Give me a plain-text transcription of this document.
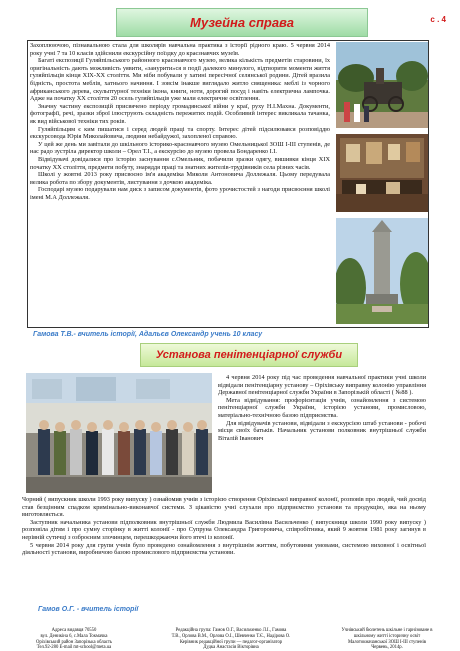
Музейна справа	с . 4

Захоплюючою, пізнавальною стала для школярів навчальна практика з історії рідного краю. 5 червня 2014 року учні 7 та 10 класів здійснили екскурсійну поїздку до краєзнавчих музеїв.

Багаті експозиції Гуляйпільського районного краєзнавчого музею, велика кількість предметів старовини, їх оригінальність дають можливість уявити, «занурити»ся в події далекого минулого, відтворити моменти життя гуляйпільців кінця ХІХ-ХХ століття. Ми ніби побували у хатині пересічної селянської родини. Дітей вразила бідність, простота меблів, хатнього начиння. І зовсім інакше виглядало житло священика: меблі із чорного африканського дерева, скульптурної техніки ікона, книги, ноти, дорогий посуд і навіть електрична лампочка. Адже на початку ХХ століття 20 осель гуляйпільців уже мали електричне освітлення.

Значну частину експозицій присвячено періоду громадянської війни у краї, руху Н.І.Махна. Документи, фотографії, речі, зразки зброї ілюструють складність пережитих подій. Особливий інтерес викликала тачанка, як вид військової техніки тих років.

Гуляйпільцям є ким пишатися і серед людей праці та спорту. Інтерес дітей підсилювався розповіддю екскурсовода Юрія Миколайовича, людини небайдужої, захопленої справою.

У цей же день ми завітали до шкільного історико-краєзнавчого музею Омельницької ЗОШ І-ІІІ ступенів, де нас радо зустріла директор школи – Орел Т.І., а екскурсію до музею провела Бондаренко І.І.

Відвідувачі довідалися про історію заснування с.Омельник, побачили зразки одягу, вишивки кінця ХІХ початку ХХ століття, предмети побуту, знаряддя праці та знатних жителів-трудівників села різних часів.

Школі у жовтні 2013 року присвоєно ім'я академіка Миколи Антоновича Доллежаля. Цьому передувала велика робота по збору документів, листування з дочкою академіка.

Господарі музею подарували нам диск з записом документів, фото урочистостей з нагоди присвоєння школі імені М.А Доллежаля.

Гамова Т.В.- вчитель історії, Адальєв Олександр учень 10 класу
Установа пенітенціарної служби

4 червня 2014 року під час проведення навчальної практики учні школи відвідали пенітенціарну установу – Оріхівську виправну колонію управління Державної пенітенціарної служби України в Запорізькій області ( №88 ).

Мета відвідування: профорієнтація учнів, ознайомлення з системою пенітенціарної служби України, історією установи, промисловою, матеріально-технічною базою підприємства.

Для відвідувачів установи, відвідали з екскурсією штаб установи - робочі місця своїх батьків. Начальник установи полковник внутрішньої служби Віталій Іванович

Чорний ( випускник школи 1993 року випуску ) ознайомив учнів з історією створення Оріхівської виправної колонії, розповів про людей, чий досвід став безцінним спадком кримінально-виконавчої системи. З цікавістю учні слухали про підприємство установи та продукцію, яка на ньому виготовляється.

Заступник начальника установи підполковник внутрішньої служби Людмила Василівна Васильченко ( випускниця школи 1990 року випуску ) розповіла дітям і про сумну сторінку в житті колонії - про Супруна Олександра Григоровича, співробітника, який 9 жовтня 1981 року загинув в нерівній сутичці з озброєним злочинцем, перешкоджаючи його втечі із колонії.

5 червня 2014 року для групи учнів було проведено ознайомлення з внутрішнім життям, побутовими умовами, системою виховної і освітньої діяльності установи, виробничою базою промислового підприємства установи.

Гамов О.Г. - вчитель історії
Адреса видавця 70550
вул. Деникіна 6, с.Мала Токмачка
Оріхівський район Запорізька область
Тел.92-280 E-mail mt-school@meta.ua
Редакційна група: Гамов О.Г., Васильченко Л.І., Гамова
Т.В., Орлова В.М., Орлова О.І., Шевченко Т.Є., Надірова О.
Керівник редакційної групи — педагог-організатор
Дудка Анастасія Вікторівна
Учнівський бюлетень шкільне і гарнізоване в
шкільному житті історичну освіт
Малотокмачанської ЗОШ І-ІІІ ступенів
Червень, 2014р.
